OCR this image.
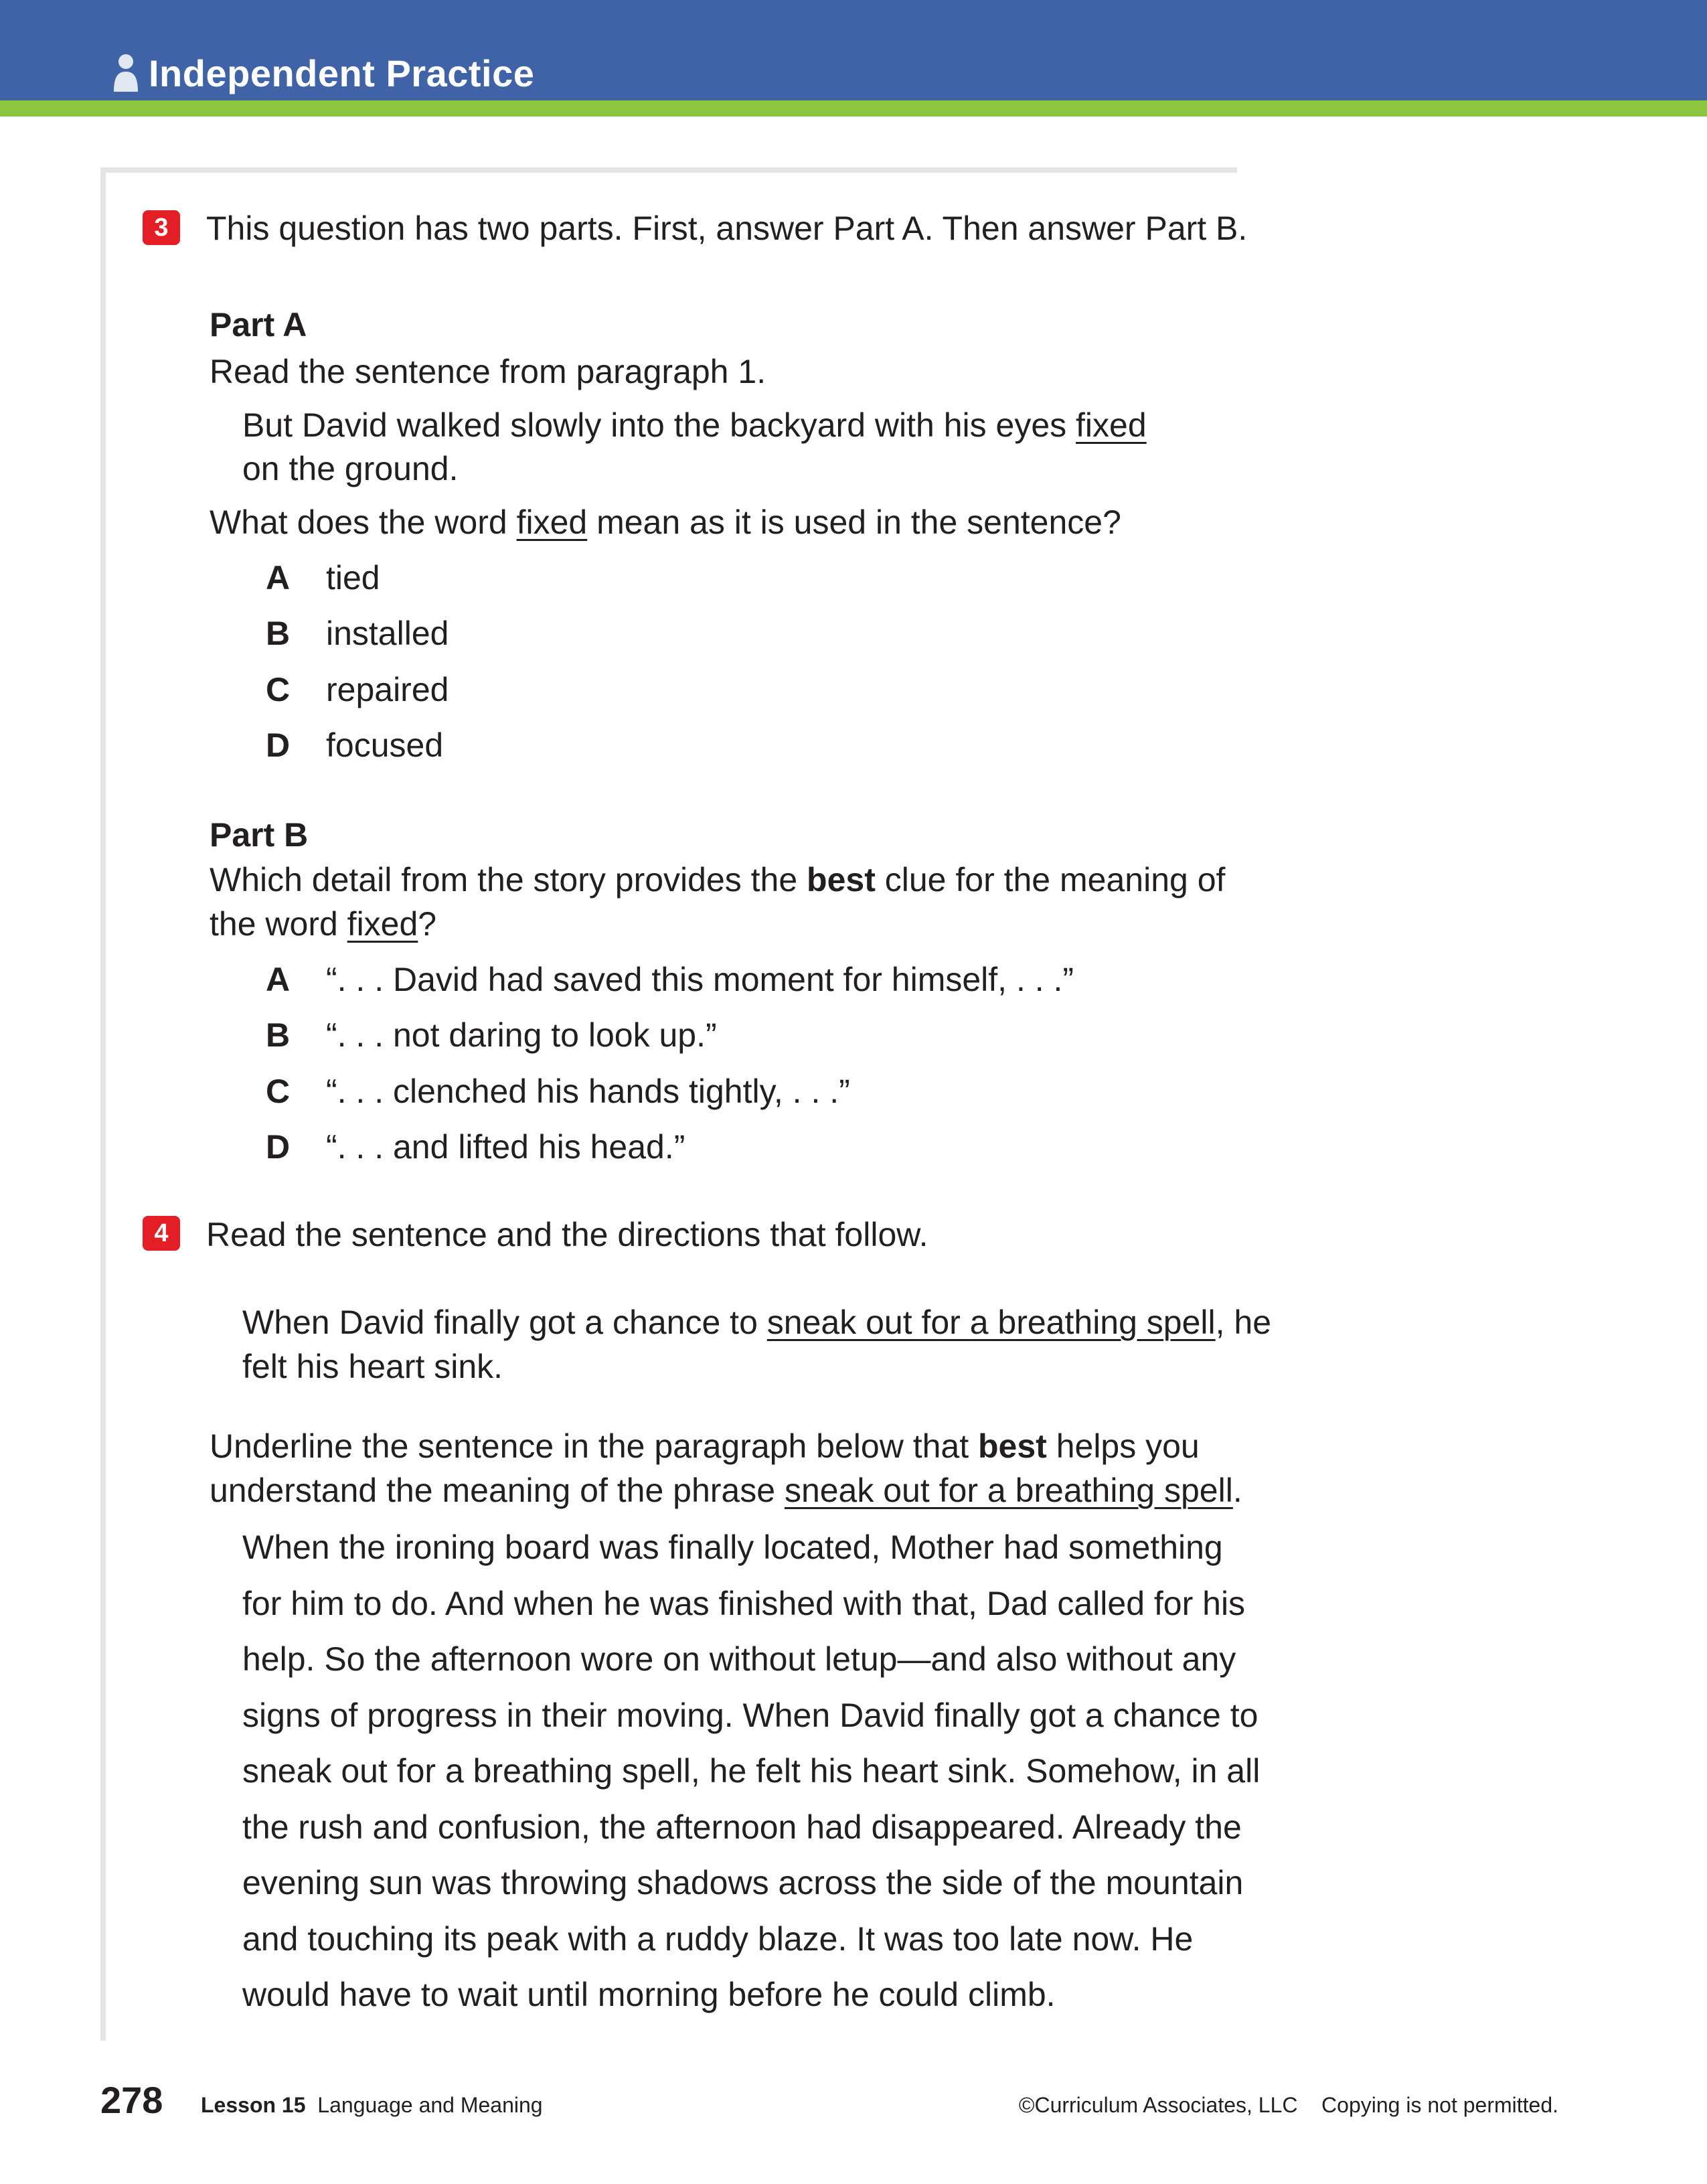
Independent Practice
3	This question has two parts. First, answer Part A. Then answer Part B.
Part A
Read the sentence from paragraph 1.
But David walked slowly into the backyard with his eyes fixed
on the ground.
What does the word fixed mean as it is used in the sentence?
A tied
B installed
C repaired
D focused
Part B
Which detail from the story provides the best clue for the meaning of
the word fixed?
A “. . . David had saved this moment for himself, . . .”
B “. . . not daring to look up.”
C “. . . clenched his hands tightly, . . .”
D “. . . and lifted his head.”
4	Read the sentence and the directions that follow.
When David finally got a chance to sneak out for a breathing spell, he
felt his heart sink.
Underline the sentence in the paragraph below that best helps you
understand the meaning of the phrase sneak out for a breathing spell.

When the ironing board was finally located, Mother had something

for him to do. And when he was finished with that, Dad called for his

help. So the afternoon wore on without letup—and also without any

signs of progress in their moving. When David finally got a chance to

sneak out for a breathing spell, he felt his heart sink. Somehow, in all

the rush and confusion, the afternoon had disappeared. Already the

evening sun was throwing shadows across the side of the mountain

and touching its peak with a ruddy blaze. It was too late now. He

would have to wait until morning before he could climb.

278 Lesson 15 Language and Meaning	©Curriculum Associates, LLC Copying is not permitted.
